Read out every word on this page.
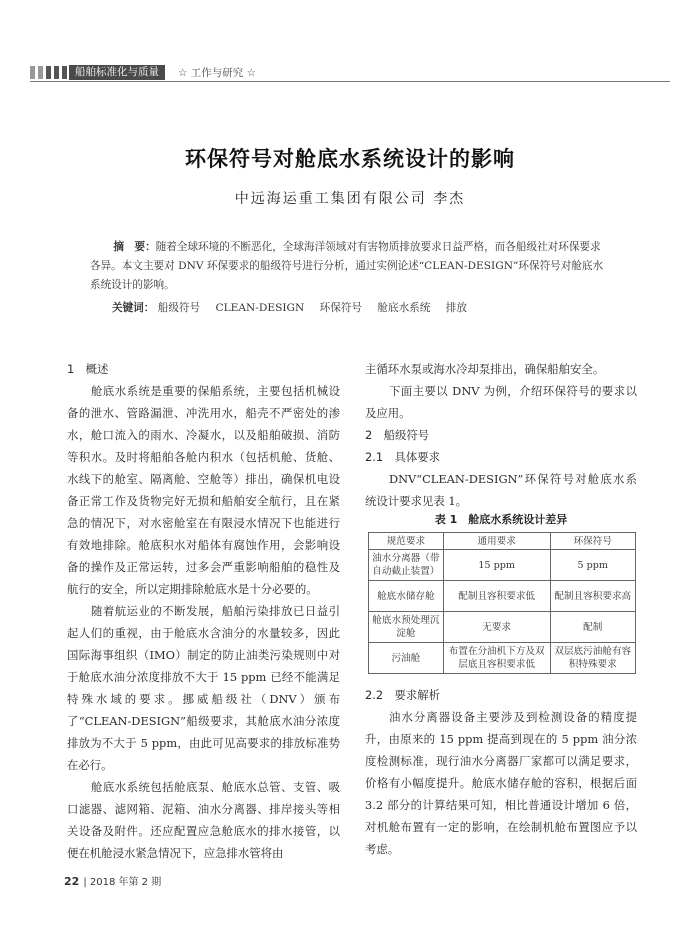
船舶标准化与质量	☆ 工作与研究 ☆
环保符号对舱底水系统设计的影响
中远海运重工集团有限公司 李杰

摘　要：随着全球环境的不断恶化，全球海洋领域对有害物质排放要求日益严格，而各船级社对环保要求各异。本文主要对 DNV 环保要求的船级符号进行分析，通过实例论述“CLEAN-DESIGN”环保符号对舱底水系统设计的影响。

关键词： 船级符号 CLEAN-DESIGN 环保符号 舱底水系统 排放
1　概述

舱底水系统是重要的保船系统，主要包括机械设备的泄水、管路漏泄、冲洗用水，船壳不严密处的渗水，舱口流入的雨水、冷凝水，以及船舶破损、消防等积水。及时将船舶各舱内积水（包括机舱、货舱、水线下的舱室、隔离舱、空舱等）排出，确保机电设备正常工作及货物完好无损和船舶安全航行，且在紧急的情况下，对水密舱室在有限浸水情况下也能进行有效地排除。舱底积水对船体有腐蚀作用，会影响设备的操作及正常运转，过多会严重影响船舶的稳性及航行的安全，所以定期排除舱底水是十分必要的。

随着航运业的不断发展，船舶污染排放已日益引起人们的重视，由于舱底水含油分的水量较多，因此国际海事组织（IMO）制定的防止油类污染规则中对于舱底水油分浓度排放不大于 15 ppm 已经不能满足特殊水域的要求。挪威船级社（DNV）颁布了“CLEAN-DESIGN”船级要求，其舱底水油分浓度排放为不大于 5 ppm，由此可见高要求的排放标准势在必行。

舱底水系统包括舱底泵、舱底水总管、支管、吸口滤器、滤网箱、泥箱、油水分离器、排岸接头等相关设备及附件。还应配置应急舱底水的排水接管，以便在机舱浸水紧急情况下，应急排水管将由

主循环水泵或海水冷却泵排出，确保船舶安全。

下面主要以 DNV 为例，介绍环保符号的要求以及应用。

2　船级符号
2.1　具体要求

DNV“CLEAN-DESIGN”环保符号对舱底水系统设计要求见表 1。

表 1　舱底水系统设计差异
规范要求	通用要求	环保符号
油水分离器（带自动截止装置）	15 ppm	5 ppm
舱底水储存舱	配制且容积要求低	配制且容积要求高
舱底水预处理沉淀舱	无要求	配制
污油舱	布置在分油机下方及双层底且容积要求低	双层底污油舱有容积特殊要求
2.2　要求解析

油水分离器设备主要涉及到检测设备的精度提升，由原来的 15 ppm 提高到现在的 5 ppm 油分浓度检测标准，现行油水分离器厂家都可以满足要求，价格有小幅度提升。舱底水储存舱的容积，根据后面 3.2 部分的计算结果可知，相比普通设计增加 6 倍，对机舱布置有一定的影响，在绘制机舱布置图应予以考虑。

22 | 2018 年第 2 期
